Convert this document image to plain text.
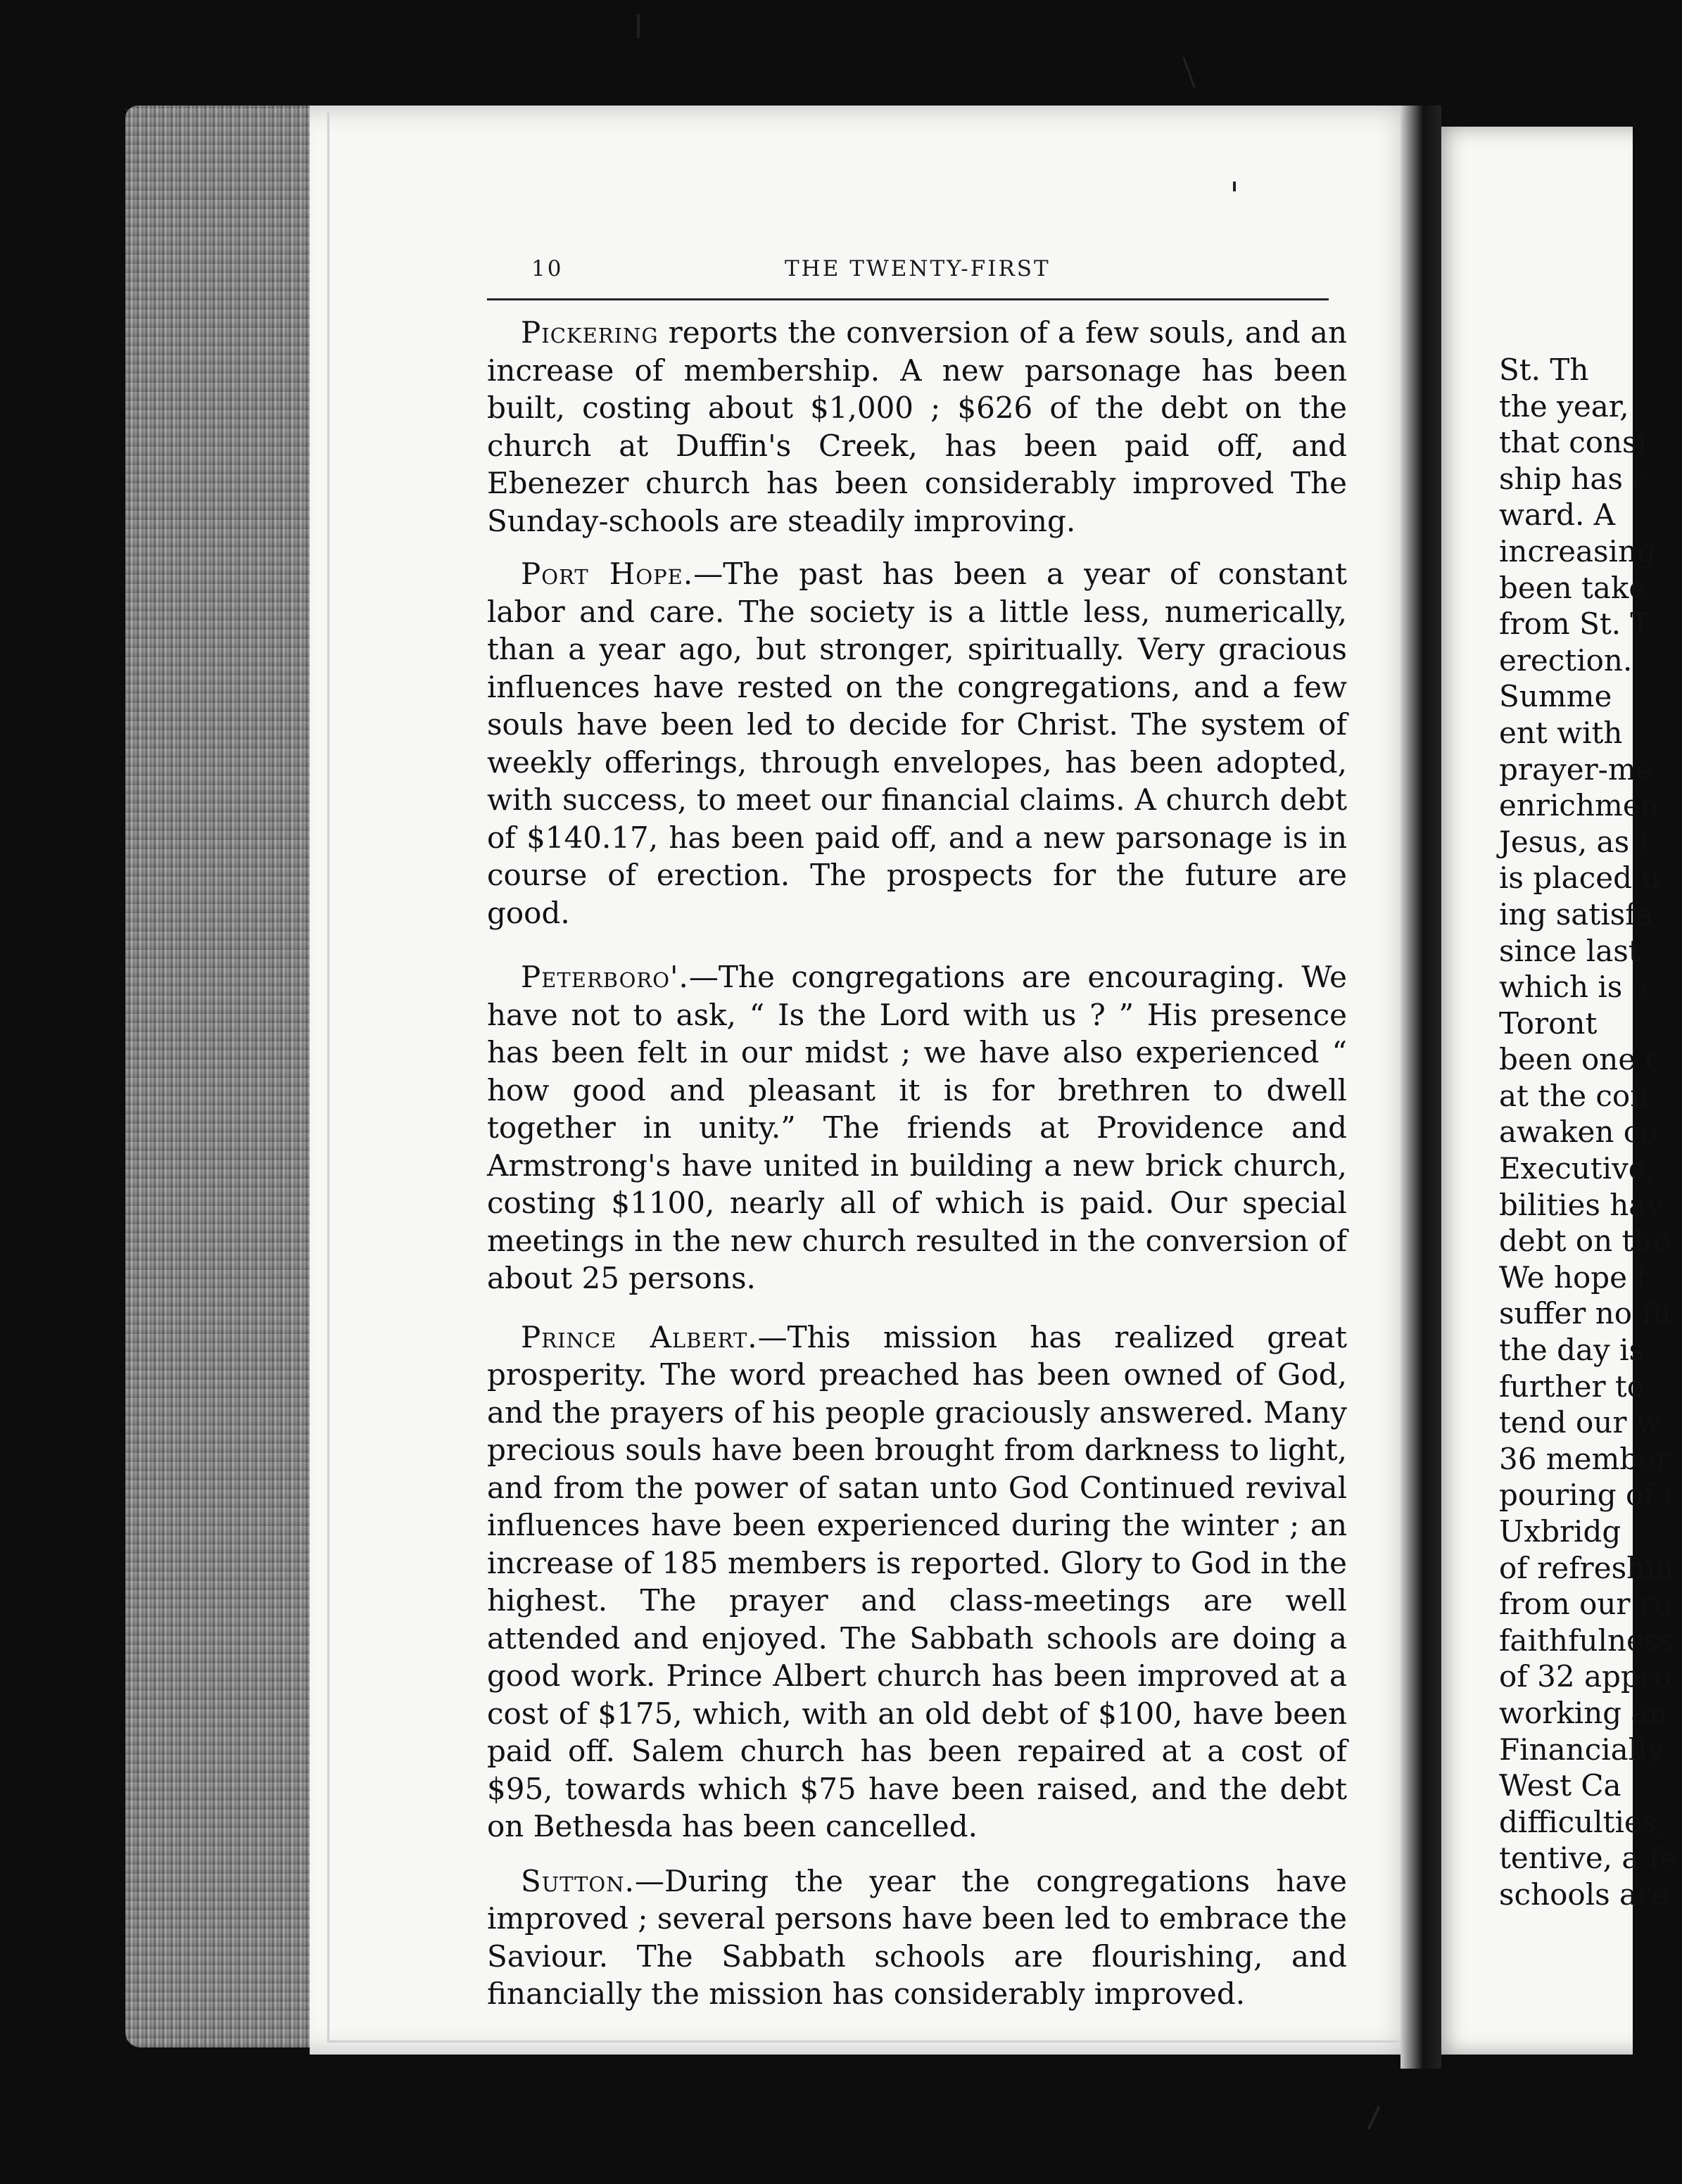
10	THE TWENTY-FIRST

Pickering reports the conversion of a few souls, and an increase of membership. A new parsonage has been built, costing about $1,000 ; $626 of the debt on the church at Duffin's Creek, has been paid off, and Ebenezer church has been considerably improved The Sunday-schools are steadily improving.

Port Hope.—The past has been a year of constant labor and care. The society is a little less, numerically, than a year ago, but stronger, spiritually. Very gracious influences have rested on the congregations, and a few souls have been led to decide for Christ. The system of weekly offerings, through envelopes, has been adopted, with success, to meet our financial claims. A church debt of $140.17, has been paid off, and a new parsonage is in course of erection. The prospects for the future are good.

Peterboro'.—The congregations are encouraging. We have not to ask, “ Is the Lord with us ? ” His presence has been felt in our midst ; we have also experienced “ how good and pleasant it is for brethren to dwell together in unity.” The friends at Providence and Armstrong's have united in building a new brick church, costing $1100, nearly all of which is paid. Our special meetings in the new church resulted in the conversion of about 25 persons.

Prince Albert.—This mission has realized great prosperity. The word preached has been owned of God, and the prayers of his people graciously answered. Many precious souls have been brought from darkness to light, and from the power of satan unto God Continued revival influences have been experienced during the winter ; an increase of 185 members is reported. Glory to God in the highest. The prayer and class-meetings are well attended and enjoyed. The Sabbath schools are doing a good work. Prince Albert church has been improved at a cost of $175, which, with an old debt of $100, have been paid off. Salem church has been repaired at a cost of $95, towards which $75 have been raised, and the debt on Bethesda has been cancelled.

Sutton.—During the year the congregations have improved ; several persons have been led to embrace the Saviour. The Sabbath schools are flourishing, and financially the mission has considerably improved.

St. Th
the year,
that consi
ship has c
ward. A
increasing
been take
from St. T
erection.
Summe
ent with
prayer-me
enrichmen
Jesus, as t
is placed u
ing satisfa
since last
which is a
Toront
been one c
at the con
awaken co
Executive,
bilities hav
debt on the
We hope t
suffer no fu
the day is
further to
tend our w
36 member
pouring of t
Uxbridg
of refreshin
from our ro
faithfulness
of 32 appro
working an
Financially
West Ca
difficulties,
tentive, a fe
schools are
